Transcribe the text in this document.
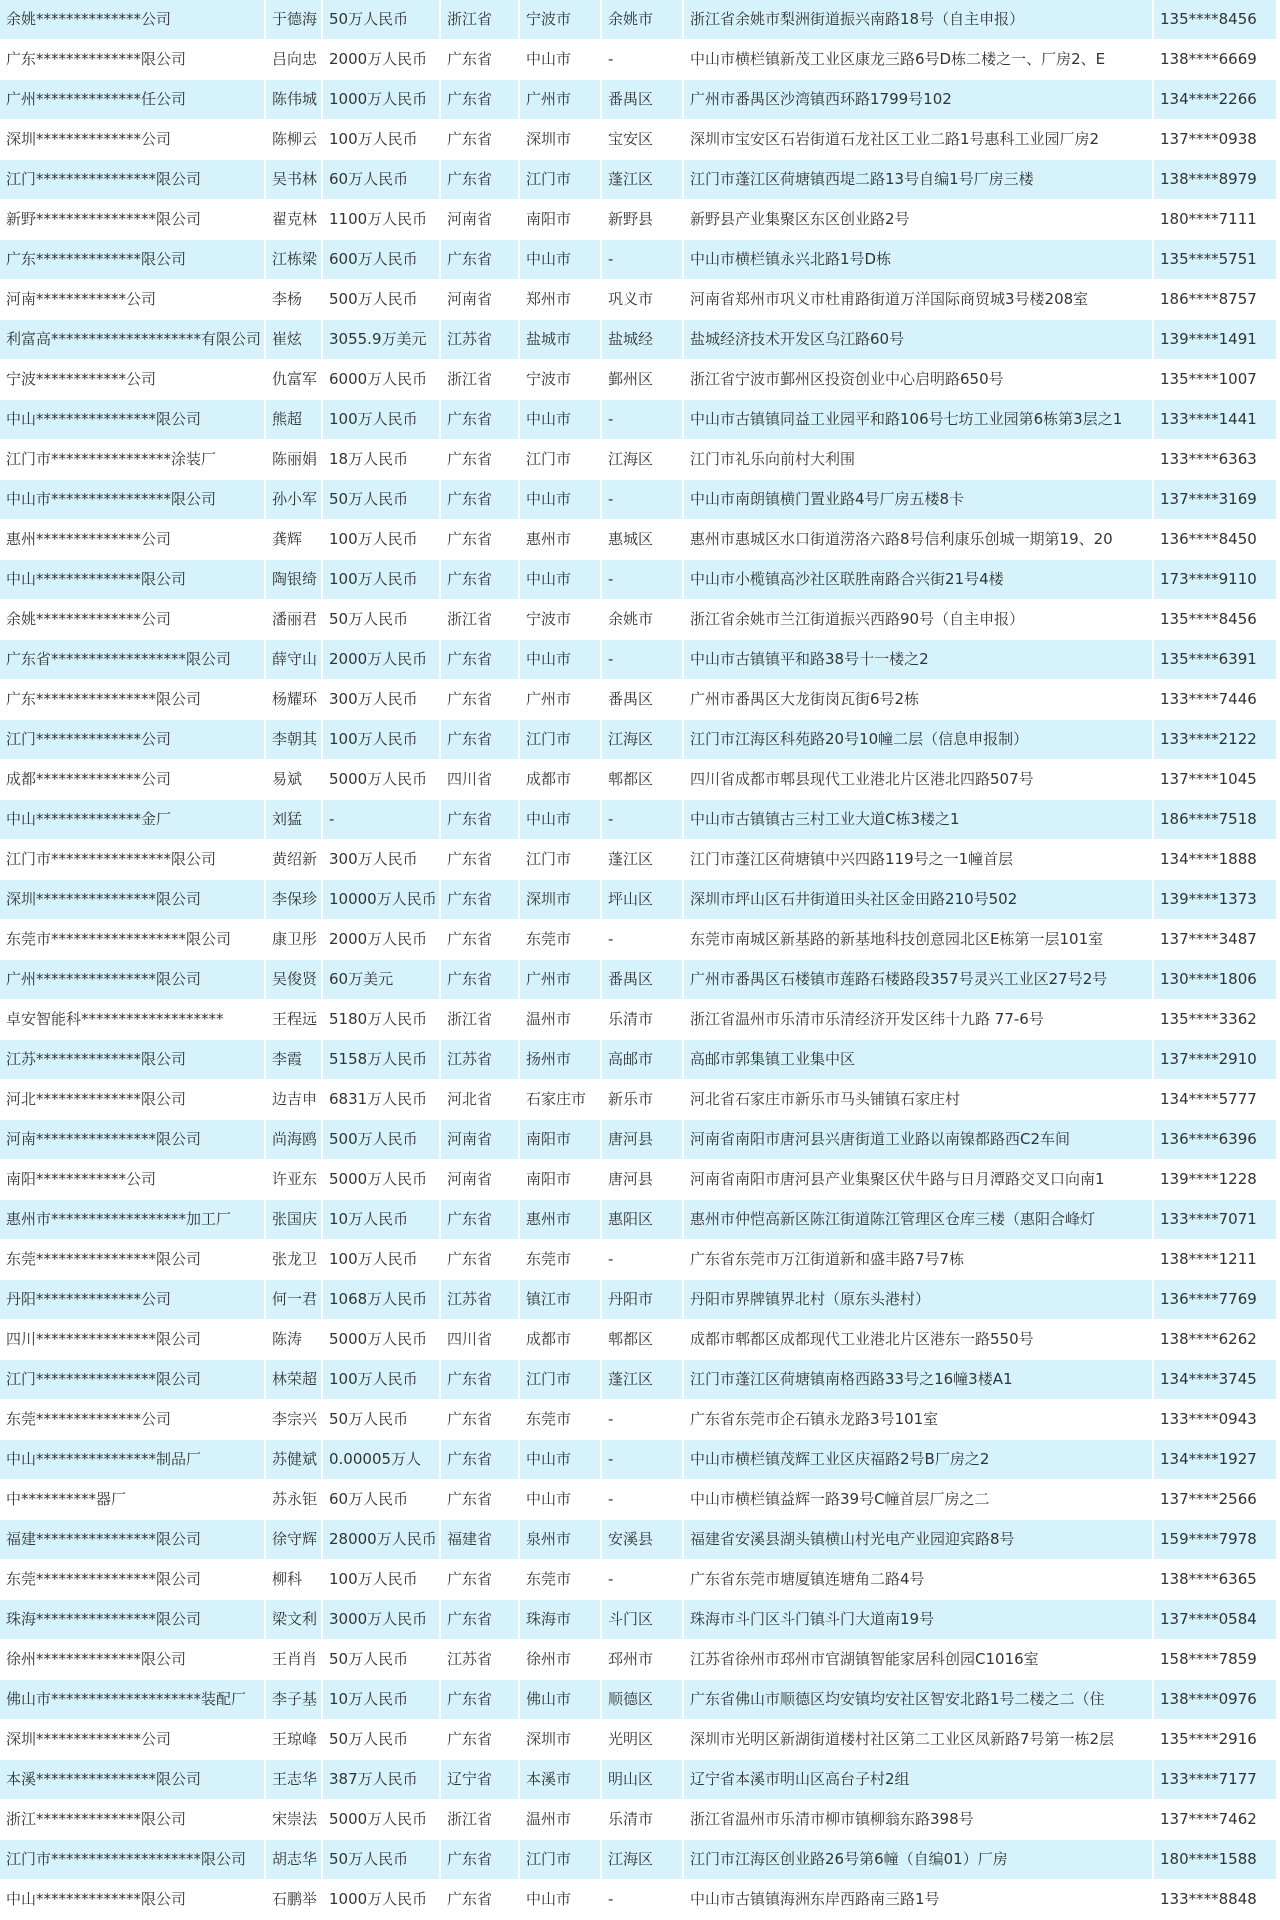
余姚**************公司	于德海	50万人民币	浙江省	宁波市	余姚市	浙江省余姚市梨洲街道振兴南路18号（自主申报）	135****8456
广东**************限公司	吕向忠	2000万人民币	广东省	中山市	-	中山市横栏镇新茂工业区康龙三路6号D栋二楼之一、厂房2、E	138****6669
广州**************任公司	陈伟城	1000万人民币	广东省	广州市	番禺区	广州市番禺区沙湾镇西环路1799号102	134****2266
深圳**************公司	陈柳云	100万人民币	广东省	深圳市	宝安区	深圳市宝安区石岩街道石龙社区工业二路1号惠科工业园厂房2	137****0938
江门****************限公司	吴书林	60万人民币	广东省	江门市	蓬江区	江门市蓬江区荷塘镇西堤二路13号自编1号厂房三楼	138****8979
新野****************限公司	翟克林	1100万人民币	河南省	南阳市	新野县	新野县产业集聚区东区创业路2号	180****7111
广东**************限公司	江栋梁	600万人民币	广东省	中山市	-	中山市横栏镇永兴北路1号D栋	135****5751
河南************公司	李杨	500万人民币	河南省	郑州市	巩义市	河南省郑州市巩义市杜甫路街道万洋国际商贸城3号楼208室	186****8757
利富高********************有限公司	崔炫	3055.9万美元	江苏省	盐城市	盐城经	盐城经济技术开发区乌江路60号	139****1491
宁波************公司	仇富军	6000万人民币	浙江省	宁波市	鄞州区	浙江省宁波市鄞州区投资创业中心启明路650号	135****1007
中山****************限公司	熊超	100万人民币	广东省	中山市	-	中山市古镇镇同益工业园平和路106号七坊工业园第6栋第3层之1	133****1441
江门市****************涂装厂	陈丽娟	18万人民币	广东省	江门市	江海区	江门市礼乐向前村大利围	133****6363
中山市****************限公司	孙小军	50万人民币	广东省	中山市	-	中山市南朗镇横门置业路4号厂房五楼8卡	137****3169
惠州**************公司	龚辉	100万人民币	广东省	惠州市	惠城区	惠州市惠城区水口街道涝洛六路8号信利康乐创城一期第19、20	136****8450
中山**************限公司	陶银绮	100万人民币	广东省	中山市	-	中山市小榄镇高沙社区联胜南路合兴街21号4楼	173****9110
余姚**************公司	潘丽君	50万人民币	浙江省	宁波市	余姚市	浙江省余姚市兰江街道振兴西路90号（自主申报）	135****8456
广东省******************限公司	薛守山	2000万人民币	广东省	中山市	-	中山市古镇镇平和路38号十一楼之2	135****6391
广东****************限公司	杨耀环	300万人民币	广东省	广州市	番禺区	广州市番禺区大龙街岗瓦街6号2栋	133****7446
江门**************公司	李朝其	100万人民币	广东省	江门市	江海区	江门市江海区科苑路20号10幢二层（信息申报制）	133****2122
成都**************公司	易斌	5000万人民币	四川省	成都市	郫都区	四川省成都市郫县现代工业港北片区港北四路507号	137****1045
中山**************金厂	刘猛	-	广东省	中山市	-	中山市古镇镇古三村工业大道C栋3楼之1	186****7518
江门市****************限公司	黄绍新	300万人民币	广东省	江门市	蓬江区	江门市蓬江区荷塘镇中兴四路119号之一1幢首层	134****1888
深圳****************限公司	李保珍	10000万人民币	广东省	深圳市	坪山区	深圳市坪山区石井街道田头社区金田路210号502	139****1373
东莞市******************限公司	康卫彤	2000万人民币	广东省	东莞市	-	东莞市南城区新基路的新基地科技创意园北区E栋第一层101室	137****3487
广州****************限公司	吴俊贤	60万美元	广东省	广州市	番禺区	广州市番禺区石楼镇市莲路石楼路段357号灵兴工业区27号2号	130****1806
卓安智能科*******************	王程远	5180万人民币	浙江省	温州市	乐清市	浙江省温州市乐清市乐清经济开发区纬十九路 77-6号	135****3362
江苏**************限公司	李霞	5158万人民币	江苏省	扬州市	高邮市	高邮市郭集镇工业集中区	137****2910
河北**************限公司	边吉申	6831万人民币	河北省	石家庄市	新乐市	河北省石家庄市新乐市马头铺镇石家庄村	134****5777
河南****************限公司	尚海鸥	500万人民币	河南省	南阳市	唐河县	河南省南阳市唐河县兴唐街道工业路以南镍都路西C2车间	136****6396
南阳************公司	许亚东	5000万人民币	河南省	南阳市	唐河县	河南省南阳市唐河县产业集聚区伏牛路与日月潭路交叉口向南1	139****1228
惠州市******************加工厂	张国庆	10万人民币	广东省	惠州市	惠阳区	惠州市仲恺高新区陈江街道陈江管理区仓库三楼（惠阳合峰灯	133****7071
东莞****************限公司	张龙卫	100万人民币	广东省	东莞市	-	广东省东莞市万江街道新和盛丰路7号7栋	138****1211
丹阳**************公司	何一君	1068万人民币	江苏省	镇江市	丹阳市	丹阳市界牌镇界北村（原东头港村）	136****7769
四川****************限公司	陈涛	5000万人民币	四川省	成都市	郫都区	成都市郫都区成都现代工业港北片区港东一路550号	138****6262
江门****************限公司	林荣超	100万人民币	广东省	江门市	蓬江区	江门市蓬江区荷塘镇南格西路33号之16幢3楼A1	134****3745
东莞**************公司	李宗兴	50万人民币	广东省	东莞市	-	广东省东莞市企石镇永龙路3号101室	133****0943
中山****************制品厂	苏健斌	0.00005万人	广东省	中山市	-	中山市横栏镇茂辉工业区庆福路2号B厂房之2	134****1927
中**********器厂	苏永钜	60万人民币	广东省	中山市	-	中山市横栏镇益辉一路39号C幢首层厂房之二	137****2566
福建****************限公司	徐守辉	28000万人民币	福建省	泉州市	安溪县	福建省安溪县湖头镇横山村光电产业园迎宾路8号	159****7978
东莞****************限公司	柳科	100万人民币	广东省	东莞市	-	广东省东莞市塘厦镇连塘角二路4号	138****6365
珠海****************限公司	梁文利	3000万人民币	广东省	珠海市	斗门区	珠海市斗门区斗门镇斗门大道南19号	137****0584
徐州**************限公司	王肖肖	50万人民币	江苏省	徐州市	邳州市	江苏省徐州市邳州市官湖镇智能家居科创园C1016室	158****7859
佛山市********************装配厂	李子基	10万人民币	广东省	佛山市	顺德区	广东省佛山市顺德区均安镇均安社区智安北路1号二楼之二（住	138****0976
深圳**************公司	王琼峰	50万人民币	广东省	深圳市	光明区	深圳市光明区新湖街道楼村社区第二工业区凤新路7号第一栋2层	135****2916
本溪****************限公司	王志华	387万人民币	辽宁省	本溪市	明山区	辽宁省本溪市明山区高台子村2组	133****7177
浙江**************限公司	宋崇法	5000万人民币	浙江省	温州市	乐清市	浙江省温州市乐清市柳市镇柳翁东路398号	137****7462
江门市********************限公司	胡志华	50万人民币	广东省	江门市	江海区	江门市江海区创业路26号第6幢（自编01）厂房	180****1588
中山**************限公司	石鹏举	1000万人民币	广东省	中山市	-	中山市古镇镇海洲东岸西路南三路1号	133****8848
